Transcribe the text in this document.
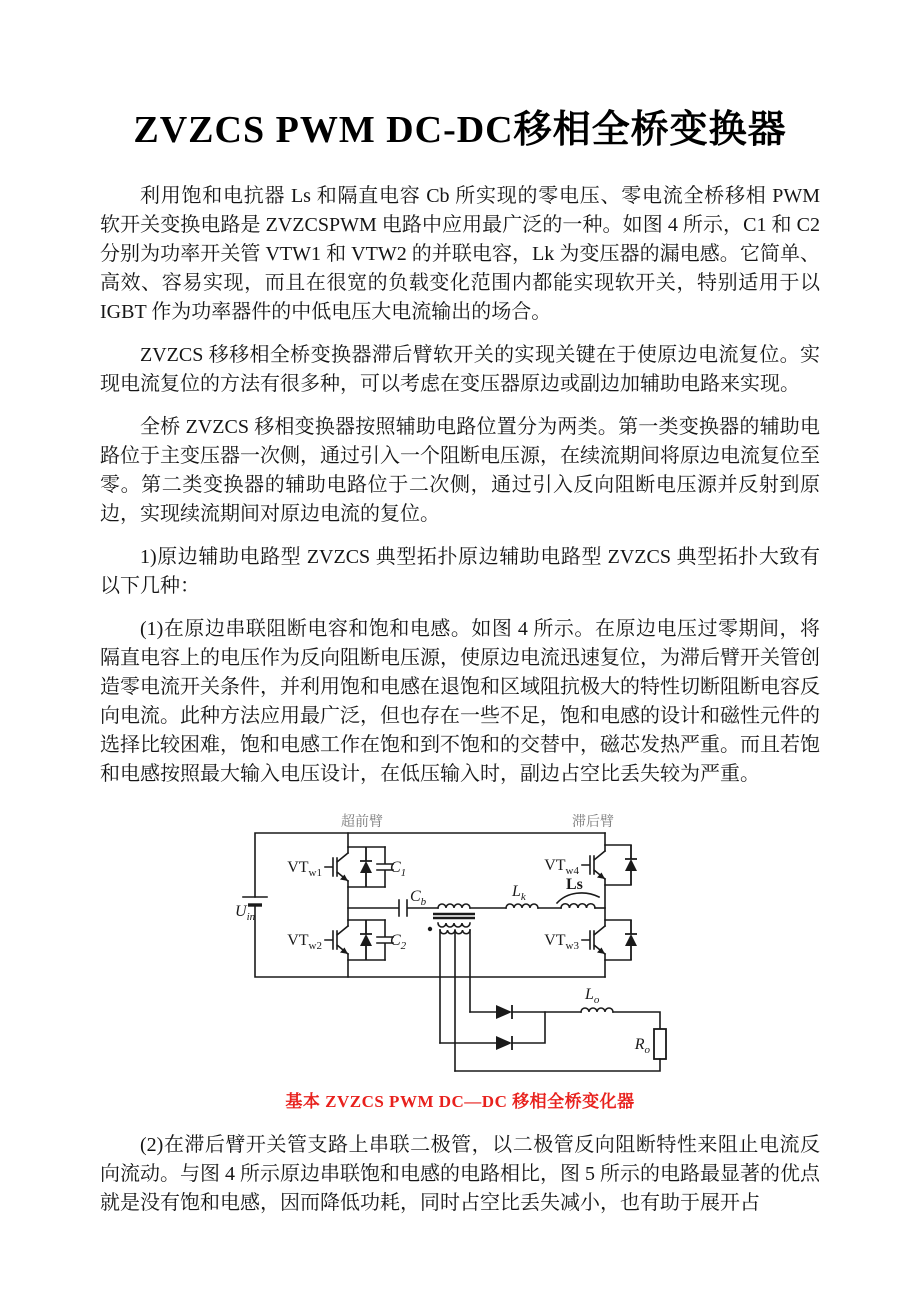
ZVZCS PWM DC-DC移相全桥变换器

利用饱和电抗器 Ls 和隔直电容 Cb 所实现的零电压、零电流全桥移相 PWM 软开关变换电路是 ZVZCSPWM 电路中应用最广泛的一种。如图 4 所示，C1 和 C2 分别为功率开关管 VTW1 和 VTW2 的并联电容，Lk 为变压器的漏电感。它简单、高效、容易实现，而且在很宽的负载变化范围内都能实现软开关，特别适用于以 IGBT 作为功率器件的中低电压大电流输出的场合。

ZVZCS 移移相全桥变换器滞后臂软开关的实现关键在于使原边电流复位。实现电流复位的方法有很多种，可以考虑在变压器原边或副边加辅助电路来实现。

全桥 ZVZCS 移相变换器按照辅助电路位置分为两类。第一类变换器的辅助电路位于主变压器一次侧，通过引入一个阻断电压源，在续流期间将原边电流复位至零。第二类变换器的辅助电路位于二次侧，通过引入反向阻断电压源并反射到原边，实现续流期间对原边电流的复位。

1)原边辅助电路型 ZVZCS 典型拓扑原边辅助电路型 ZVZCS 典型拓扑大致有以下几种：

(1)在原边串联阻断电容和饱和电感。如图 4 所示。在原边电压过零期间，将隔直电容上的电压作为反向阻断电压源，使原边电流迅速复位，为滞后臂开关管创造零电流开关条件，并利用饱和电感在退饱和区域阻抗极大的特性切断阻断电容反向电流。此种方法应用最广泛，但也存在一些不足，饱和电感的设计和磁性元件的选择比较困难，饱和电感工作在饱和到不饱和的交替中，磁芯发热严重。而且若饱和电感按照最大输入电压设计，在低压输入时，副边占空比丢失较为严重。

超前臂	滞后臂
$U_{in}$
$VT_{w1}$	$C_1$
$VT_{w2}$	$C_2$
$VT_{w4}$
$VT_{w3}$
$C_b$
$L_k$
Ls
$L_o$
$R_o$
基本 ZVZCS PWM DC—DC 移相全桥变化器

(2)在滞后臂开关管支路上串联二极管，以二极管反向阻断特性来阻止电流反向流动。与图 4 所示原边串联饱和电感的电路相比，图 5 所示的电路最显著的优点就是没有饱和电感，因而降低功耗，同时占空比丢失减小，也有助于展开占
